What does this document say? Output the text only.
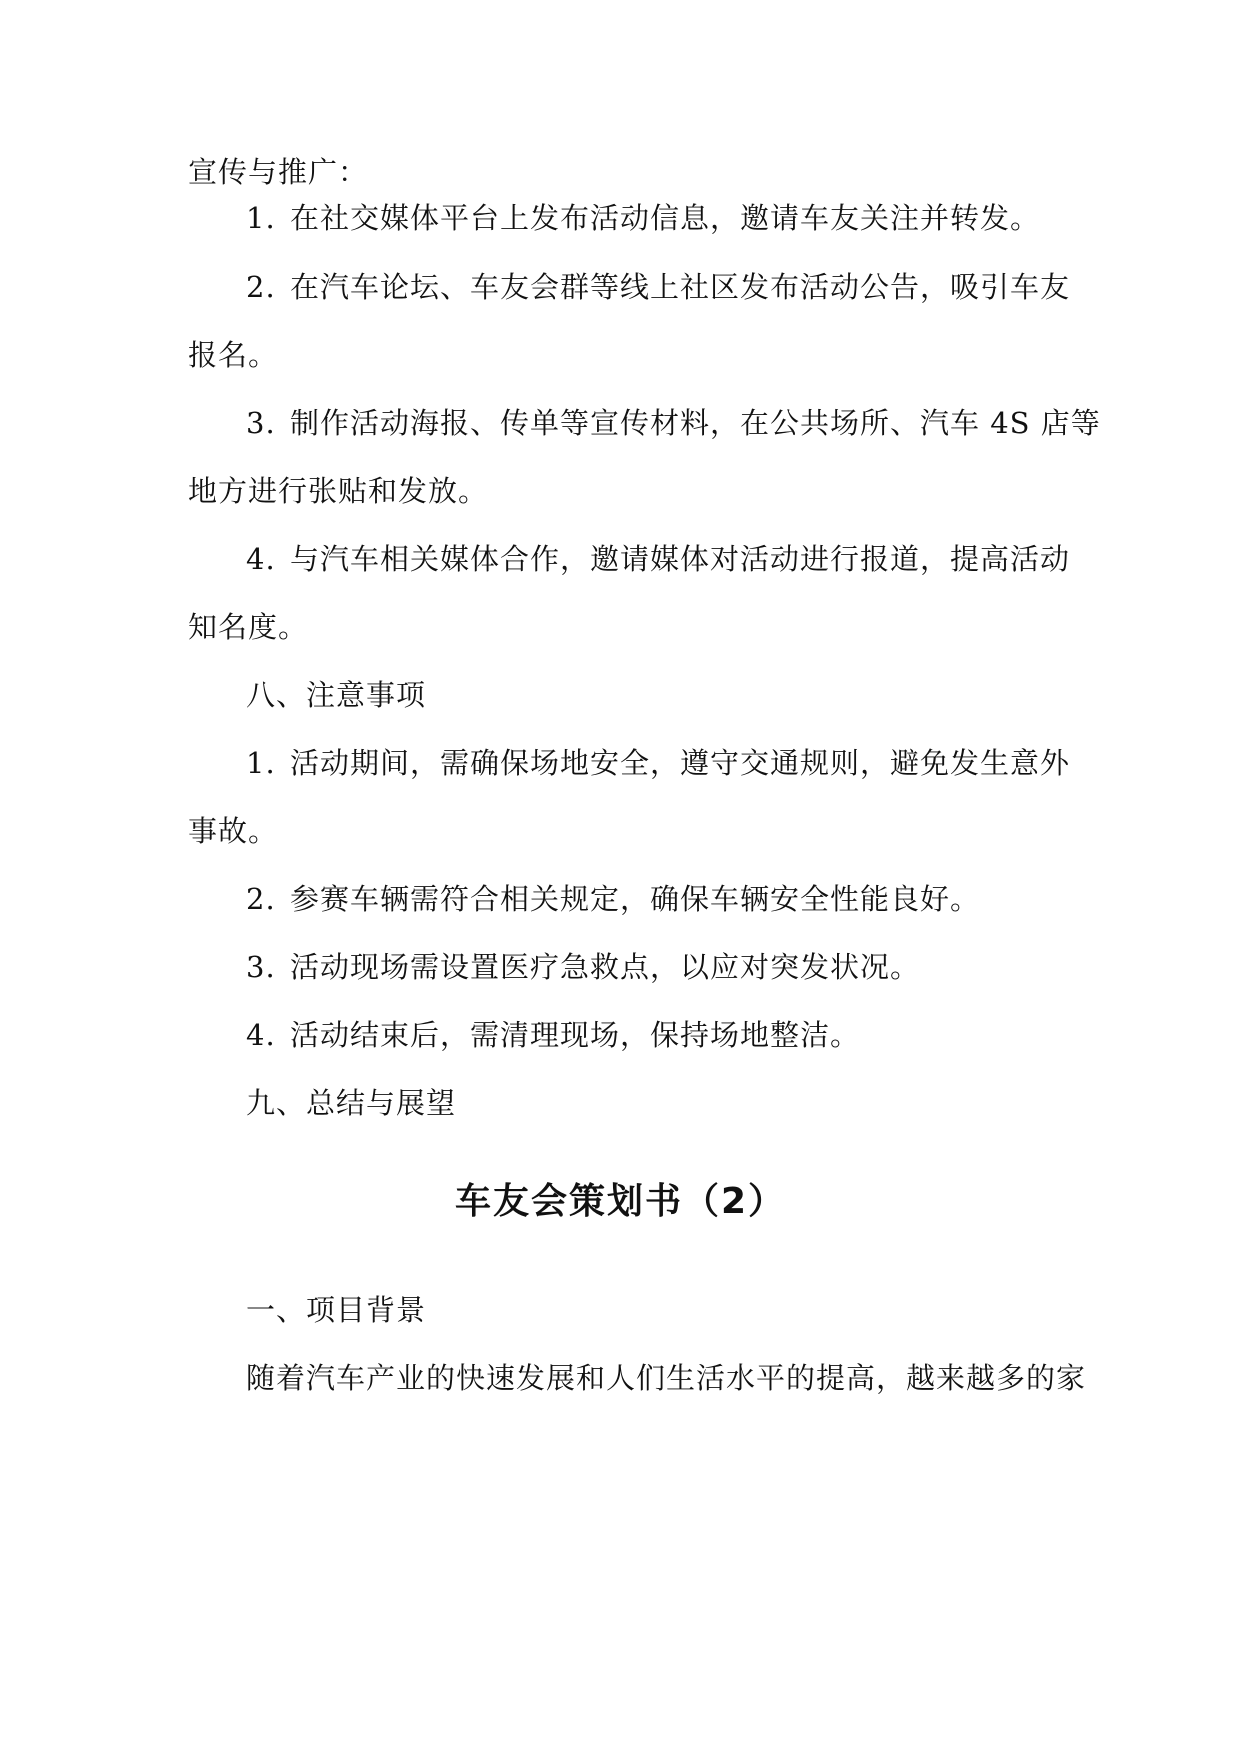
宣传与推广：
1. 在社交媒体平台上发布活动信息，邀请车友关注并转发。
2. 在汽车论坛、车友会群等线上社区发布活动公告，吸引车友
报名。
3. 制作活动海报、传单等宣传材料，在公共场所、汽车 4S 店等
地方进行张贴和发放。
4. 与汽车相关媒体合作，邀请媒体对活动进行报道，提高活动
知名度。
八、注意事项
1. 活动期间，需确保场地安全，遵守交通规则，避免发生意外
事故。
2. 参赛车辆需符合相关规定，确保车辆安全性能良好。
3. 活动现场需设置医疗急救点，以应对突发状况。
4. 活动结束后，需清理现场，保持场地整洁。
九、总结与展望
车友会策划书（2）
一、项目背景
随着汽车产业的快速发展和人们生活水平的提高，越来越多的家
